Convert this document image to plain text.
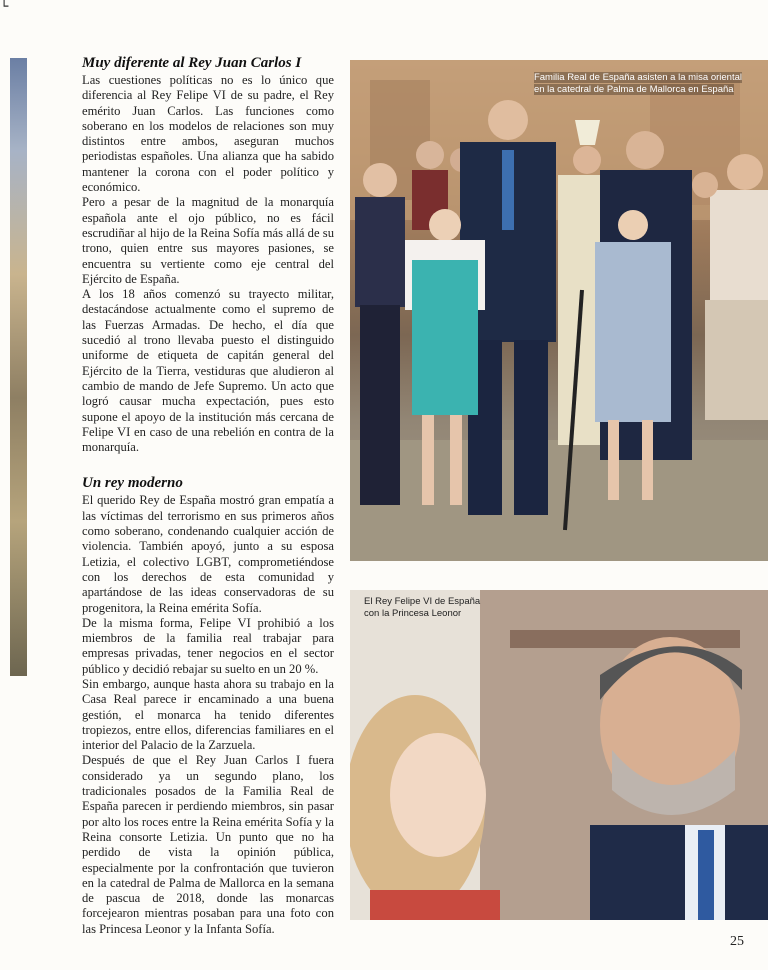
└
Muy diferente al Rey Juan Carlos I

Las cuestiones políticas no es lo único que diferencia al Rey Felipe VI de su padre, el Rey emérito Juan Carlos. Las funciones como soberano en los modelos de relaciones son muy distintos entre ambos, aseguran muchos periodistas españoles. Una alianza que ha sabido mantener la corona con el poder político y económico.

Pero a pesar de la magnitud de la monarquía española ante el ojo público, no es fácil escrudiñar al hijo de la Reina Sofía más allá de su trono, quien entre sus mayores pasiones, se encuentra su vertiente como eje central del Ejército de España.

A los 18 años comenzó su trayecto militar, destacándose actualmente como el supremo de las Fuerzas Armadas. De hecho, el día que sucedió al trono llevaba puesto el distinguido uniforme de etiqueta de capitán general del Ejército de la Tierra, vestiduras que aludieron al cambio de mando de Jefe Supremo. Un acto que logró causar mucha expectación, pues esto supone el apoyo de la institución más cercana de Felipe VI en caso de una rebelión en contra de la monarquía.

Un rey moderno

El querido Rey de España mostró gran empatía a las víctimas del terrorismo en sus primeros años como soberano, condenando cualquier acción de violencia. También apoyó, junto a su esposa Letizia, el colectivo LGBT, comprometiéndose con los derechos de esta comunidad y apartándose de las ideas conservadoras de su progenitora, la Reina emérita Sofía.

De la misma forma, Felipe VI prohibió a los miembros de la familia real trabajar para empresas privadas, tener negocios en el sector público y decidió rebajar su suelto en un 20 %.

Sin embargo, aunque hasta ahora su trabajo en la Casa Real parece ir encaminado a una buena gestión, el monarca ha tenido diferentes tropiezos, entre ellos, diferencias familiares en el interior del Palacio de la Zarzuela.

Después de que el Rey Juan Carlos I fuera considerado ya un segundo plano, los tradicionales posados de la Familia Real de España parecen ir perdiendo miembros, sin pasar por alto los roces entre la Reina emérita Sofía y la Reina consorte Letizia. Un punto que no ha perdido de vista la opinión pública, especialmente por la confrontación que tuvieron en la catedral de Palma de Mallorca en la semana de pascua de 2018, donde las monarcas forcejearon mientras posaban para una foto con las Princesa Leonor y la Infanta Sofía.

Familia Real de España asisten a la misa oriental
en la catedral de Palma de Mallorca en España
El Rey Felipe VI de España
con la Princesa Leonor
25
